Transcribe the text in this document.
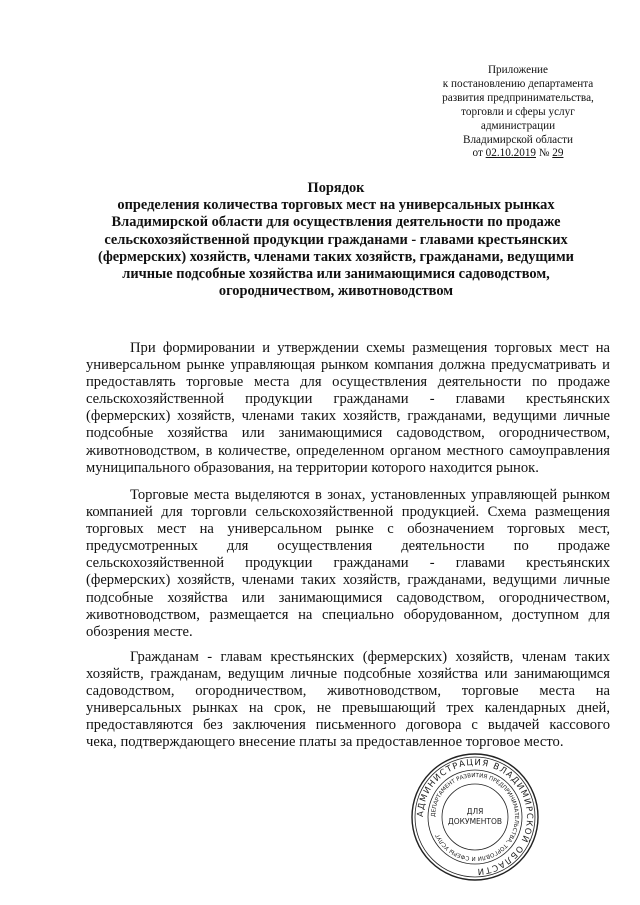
Приложение
к постановлению департамента
развития предпринимательства,
торговли и сферы услуг
администрации
Владимирской области
от 02.10.2019 № 29
Порядок
определения количества торговых мест на универсальных рынках
Владимирской области для осуществления деятельности по продаже
сельскохозяйственной продукции гражданами - главами крестьянских
(фермерских) хозяйств, членами таких хозяйств, гражданами, ведущими
личные подсобные хозяйства или занимающимися садоводством,
огородничеством, животноводством
При формировании и утверждении схемы размещения торговых мест на
универсальном рынке управляющая рынком компания должна предусматривать и
предоставлять торговые места для осуществления деятельности по продаже
сельскохозяйственной продукции гражданами - главами крестьянских
(фермерских) хозяйств, членами таких хозяйств, гражданами, ведущими личные
подсобные хозяйства или занимающимися садоводством, огородничеством,
животноводством, в количестве, определенном органом местного самоуправления
муниципального образования, на территории которого находится рынок.
Торговые места выделяются в зонах, установленных управляющей рынком
компанией для торговли сельскохозяйственной продукцией. Схема размещения
торговых мест на универсальном рынке с обозначением торговых мест,
предусмотренных для осуществления деятельности по продаже
сельскохозяйственной продукции гражданами - главами крестьянских
(фермерских) хозяйств, членами таких хозяйств, гражданами, ведущими личные
подсобные хозяйства или занимающимися садоводством, огородничеством,
животноводством, размещается на специально оборудованном, доступном для
обозрения месте.
Гражданам - главам крестьянских (фермерских) хозяйств, членам таких
хозяйств, гражданам, ведущим личные подсобные хозяйства или занимающимся
садоводством, огородничеством, животноводством, торговые места на
универсальных рынках на срок, не превышающий трех календарных дней,
предоставляются без заключения письменного договора с выдачей кассового
чека, подтверждающего внесение платы за предоставленное торговое место.
АДМИНИСТРАЦИЯ ВЛАДИМИРСКОЙ ОБЛАСТИ
ДЕПАРТАМЕНТ РАЗВИТИЯ ПРЕДПРИНИМАТЕЛЬСТВА, ТОРГОВЛИ И СФЕРЫ УСЛУГ
ДЛЯ
ДОКУМЕНТОВ
